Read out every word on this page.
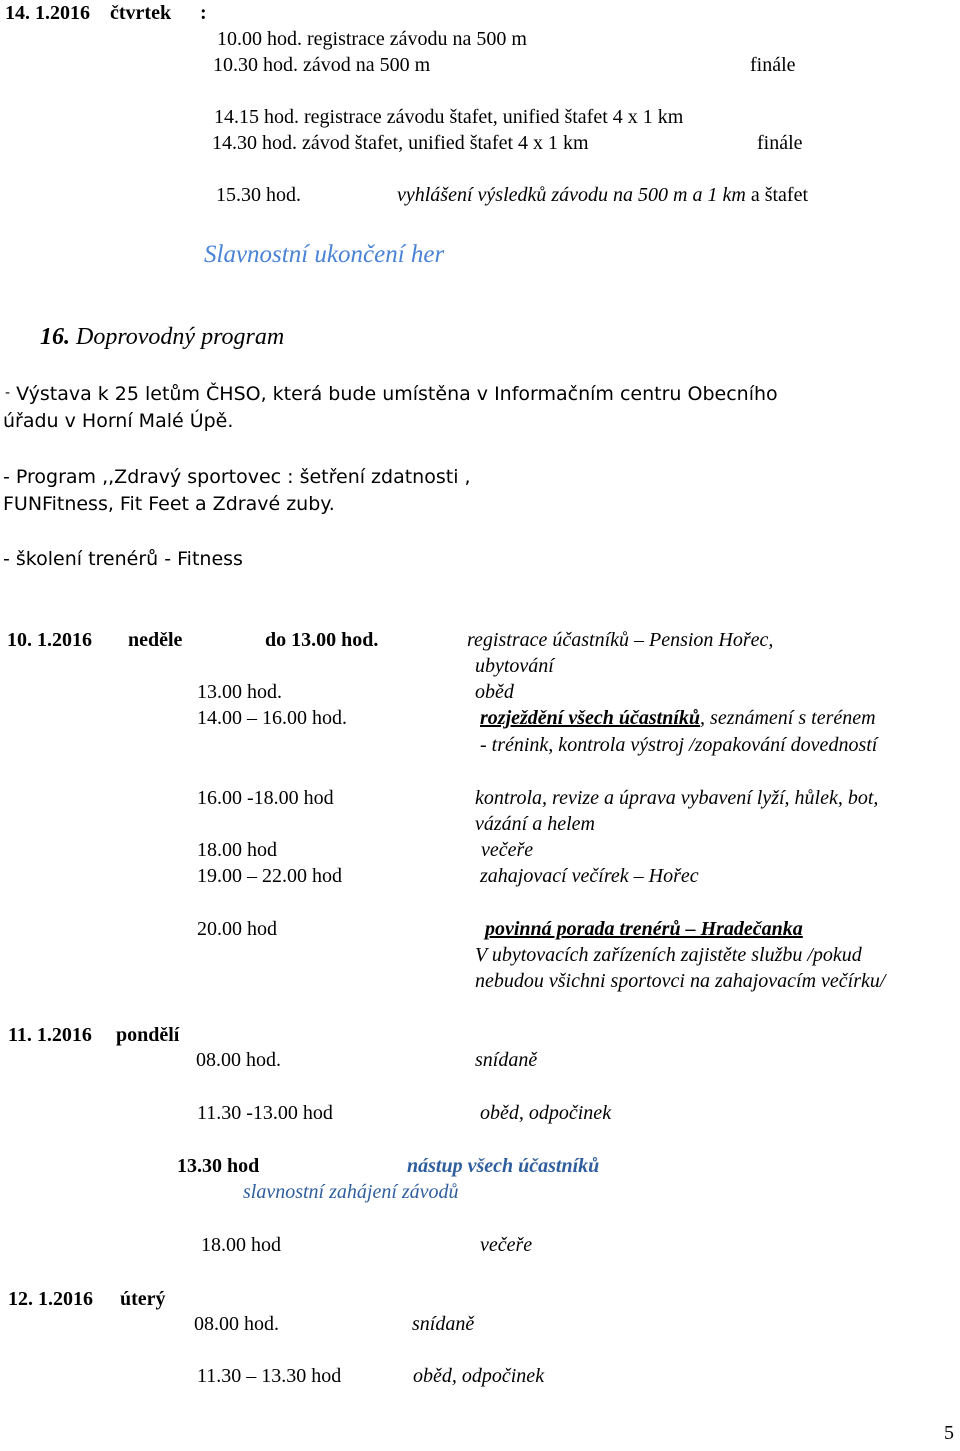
14. 1.2016 čtvrtek :
10.00 hod. registrace závodu na 500 m
10.30 hod. závod na 500 m	finále
14.15 hod. registrace závodu štafet, unified štafet 4 x 1 km
14.30 hod. závod štafet, unified štafet 4 x 1 km	finále
15.30 hod.	vyhlášení výsledků závodu na 500 m a 1 km a štafet
Slavnostní ukončení her
16. Doprovodný program
- Výstava k 25 letům ČHSO, která bude umístěna v Informačním centru Obecního
úřadu v Horní Malé Úpě.
- Program ,,Zdravý sportovec : šetření zdatnosti ,
FUNFitness, Fit Feet a Zdravé zuby.
- školení trenérů - Fitness
10. 1.2016 neděle	do 13.00 hod.	registrace účastníků – Pension Hořec,
ubytování
13.00 hod.	oběd
14.00 – 16.00 hod.	rozježdění všech účastníků, seznámení s terénem
- trénink, kontrola výstroj /zopakování dovedností
16.00 -18.00 hod	kontrola, revize a úprava vybavení lyží, hůlek, bot,
vázání a helem
18.00 hod	večeře
19.00 – 22.00 hod	zahajovací večírek – Hořec
20.00 hod	povinná porada trenérů – Hradečanka
V ubytovacích zařízeních zajistěte službu /pokud
nebudou všichni sportovci na zahajovacím večírku/
11. 1.2016 pondělí
08.00 hod.	snídaně
11.30 -13.00 hod	oběd, odpočinek
13.30 hod	nástup všech účastníků
slavnostní zahájení závodů
18.00 hod	večeře
12. 1.2016 úterý
08.00 hod.	snídaně
11.30 – 13.30 hod	oběd, odpočinek
5
